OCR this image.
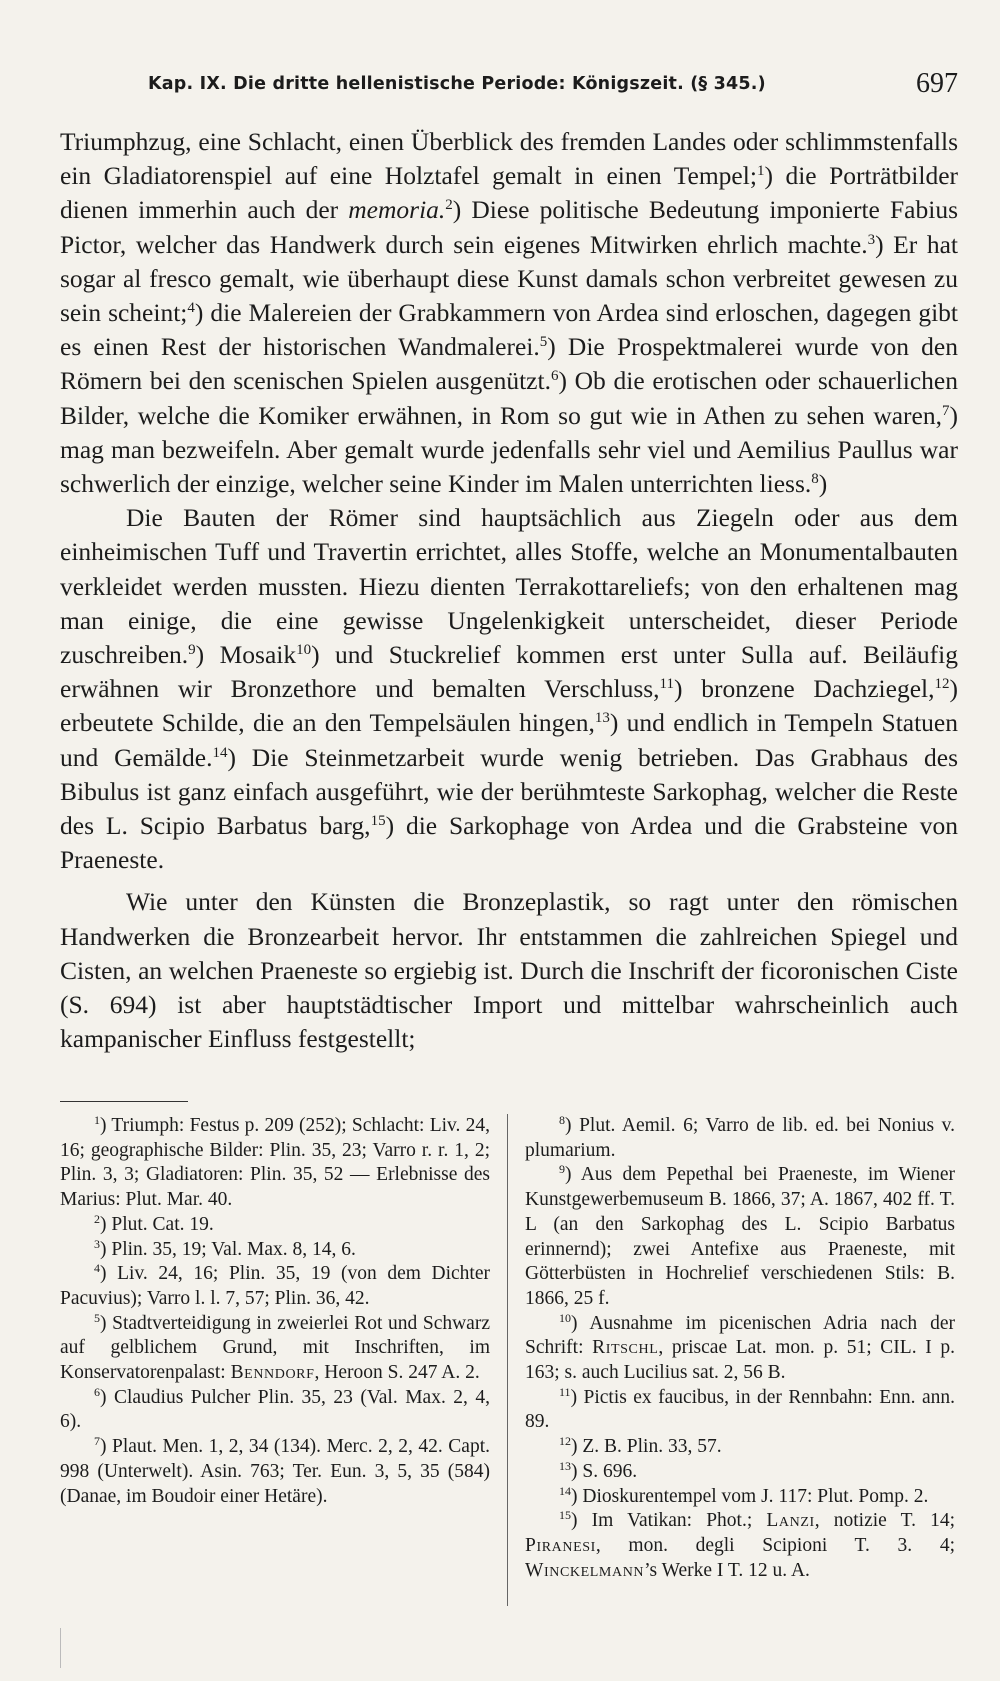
Kap. IX. Die dritte hellenistische Periode: Königszeit. (§ 345.)	697

Triumphzug, eine Schlacht, einen Überblick des fremden Landes oder schlimmstenfalls ein Gladiatorenspiel auf eine Holztafel gemalt in einen Tempel;$^1$) die Porträtbilder dienen immerhin auch der memoria.$^2$) Diese politische Bedeutung imponierte Fabius Pictor, welcher das Handwerk durch sein eigenes Mitwirken ehrlich machte.$^3$) Er hat sogar al fresco gemalt, wie überhaupt diese Kunst damals schon verbreitet gewesen zu sein scheint;$^4$) die Malereien der Grabkammern von Ardea sind erloschen, dagegen gibt es einen Rest der historischen Wandmalerei.$^5$) Die Prospektmalerei wurde von den Römern bei den scenischen Spielen ausgenützt.$^6$) Ob die erotischen oder schauerlichen Bilder, welche die Komiker erwähnen, in Rom so gut wie in Athen zu sehen waren,$^7$) mag man bezweifeln. Aber gemalt wurde jedenfalls sehr viel und Aemilius Paullus war schwerlich der einzige, welcher seine Kinder im Malen unterrichten liess.$^8$)

Die Bauten der Römer sind hauptsächlich aus Ziegeln oder aus dem einheimischen Tuff und Travertin errichtet, alles Stoffe, welche an Monumentalbauten verkleidet werden mussten. Hiezu dienten Terrakottareliefs; von den erhaltenen mag man einige, die eine gewisse Ungelenkigkeit unterscheidet, dieser Periode zuschreiben.$^9$) Mosaik$^{10}$) und Stuckrelief kommen erst unter Sulla auf. Beiläufig erwähnen wir Bronzethore und bemalten Verschluss,$^{11}$) bronzene Dachziegel,$^{12}$) erbeutete Schilde, die an den Tempelsäulen hingen,$^{13}$) und endlich in Tempeln Statuen und Gemälde.$^{14}$) Die Steinmetzarbeit wurde wenig betrieben. Das Grabhaus des Bibulus ist ganz einfach ausgeführt, wie der berühmteste Sarkophag, welcher die Reste des L. Scipio Barbatus barg,$^{15}$) die Sarkophage von Ardea und die Grabsteine von Praeneste.

Wie unter den Künsten die Bronzeplastik, so ragt unter den römischen Handwerken die Bronzearbeit hervor. Ihr entstammen die zahlreichen Spiegel und Cisten, an welchen Praeneste so ergiebig ist. Durch die Inschrift der ficoronischen Ciste (S. 694) ist aber hauptstädtischer Import und mittelbar wahrscheinlich auch kampanischer Einfluss festgestellt;

$^1$) Triumph: Festus p. 209 (252); Schlacht: Liv. 24, 16; geographische Bilder: Plin. 35, 23; Varro r. r. 1, 2; Plin. 3, 3; Gladiatoren: Plin. 35, 52 — Erlebnisse des Marius: Plut. Mar. 40.

$^2$) Plut. Cat. 19.

$^3$) Plin. 35, 19; Val. Max. 8, 14, 6.

$^4$) Liv. 24, 16; Plin. 35, 19 (von dem Dichter Pacuvius); Varro l. l. 7, 57; Plin. 36, 42.

$^5$) Stadtverteidigung in zweierlei Rot und Schwarz auf gelblichem Grund, mit Inschriften, im Konservatorenpalast: Benndorf, Heroon S. 247 A. 2.

$^6$) Claudius Pulcher Plin. 35, 23 (Val. Max. 2, 4, 6).

$^7$) Plaut. Men. 1, 2, 34 (134). Merc. 2, 2, 42. Capt. 998 (Unterwelt). Asin. 763; Ter. Eun. 3, 5, 35 (584) (Danae, im Boudoir einer Hetäre).

$^8$) Plut. Aemil. 6; Varro de lib. ed. bei Nonius v. plumarium.

$^9$) Aus dem Pepethal bei Praeneste, im Wiener Kunstgewerbemuseum B. 1866, 37; A. 1867, 402 ff. T. L (an den Sarkophag des L. Scipio Barbatus erinnernd); zwei Antefixe aus Praeneste, mit Götterbüsten in Hochrelief verschiedenen Stils: B. 1866, 25 f.

$^{10}$) Ausnahme im picenischen Adria nach der Schrift: Ritschl, priscae Lat. mon. p. 51; CIL. I p. 163; s. auch Lucilius sat. 2, 56 B.

$^{11}$) Pictis ex faucibus, in der Rennbahn: Enn. ann. 89.

$^{12}$) Z. B. Plin. 33, 57.

$^{13}$) S. 696.

$^{14}$) Dioskurentempel vom J. 117: Plut. Pomp. 2.

$^{15}$) Im Vatikan: Phot.; Lanzi, notizie T. 14; Piranesi, mon. degli Scipioni T. 3. 4; Winckelmann’s Werke I T. 12 u. A.
